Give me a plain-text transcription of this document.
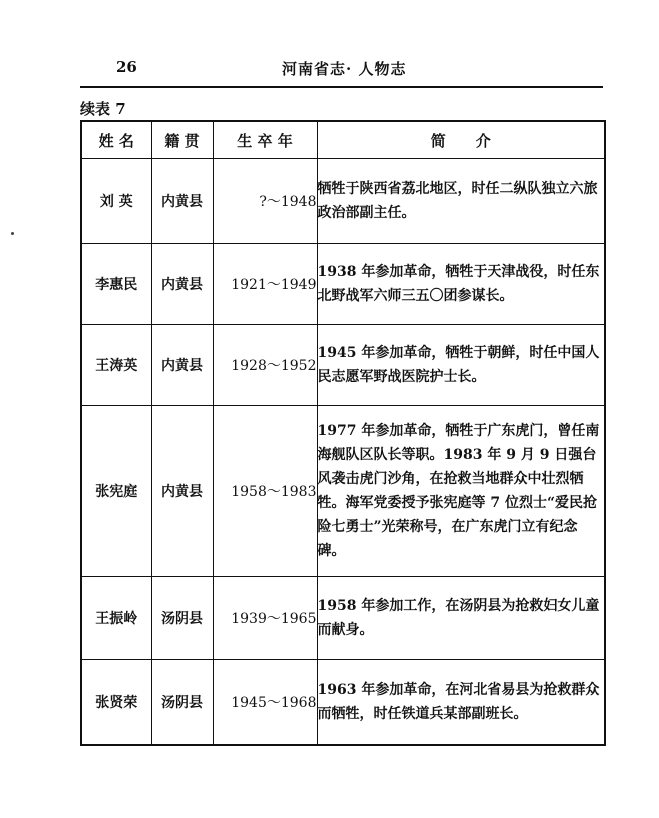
26	河南省志· 人物志
续表 7
姓 名	籍 贯	生 卒 年	简　　介
刘 英	内黄县	?～1948	牺牲于陕西省荔北地区，时任二纵队独立六旅政治部副主任。
李惠民	内黄县	1921～1949	1938 年参加革命，牺牲于天津战役，时任东北野战军六师三五〇团参谋长。
王涛英	内黄县	1928～1952	1945 年参加革命，牺牲于朝鲜，时任中国人民志愿军野战医院护士长。
张宪庭	内黄县	1958～1983	1977 年参加革命，牺牲于广东虎门，曾任南海舰队区队长等职。1983 年 9 月 9 日强台风袭击虎门沙角，在抢救当地群众中壮烈牺牲。海军党委授予张宪庭等 7 位烈士“爱民抢险七勇士”光荣称号，在广东虎门立有纪念碑。
王振岭	汤阴县	1939～1965	1958 年参加工作，在汤阴县为抢救妇女儿童而献身。
张贤荣	汤阴县	1945～1968	1963 年参加革命，在河北省易县为抢救群众而牺牲，时任铁道兵某部副班长。
